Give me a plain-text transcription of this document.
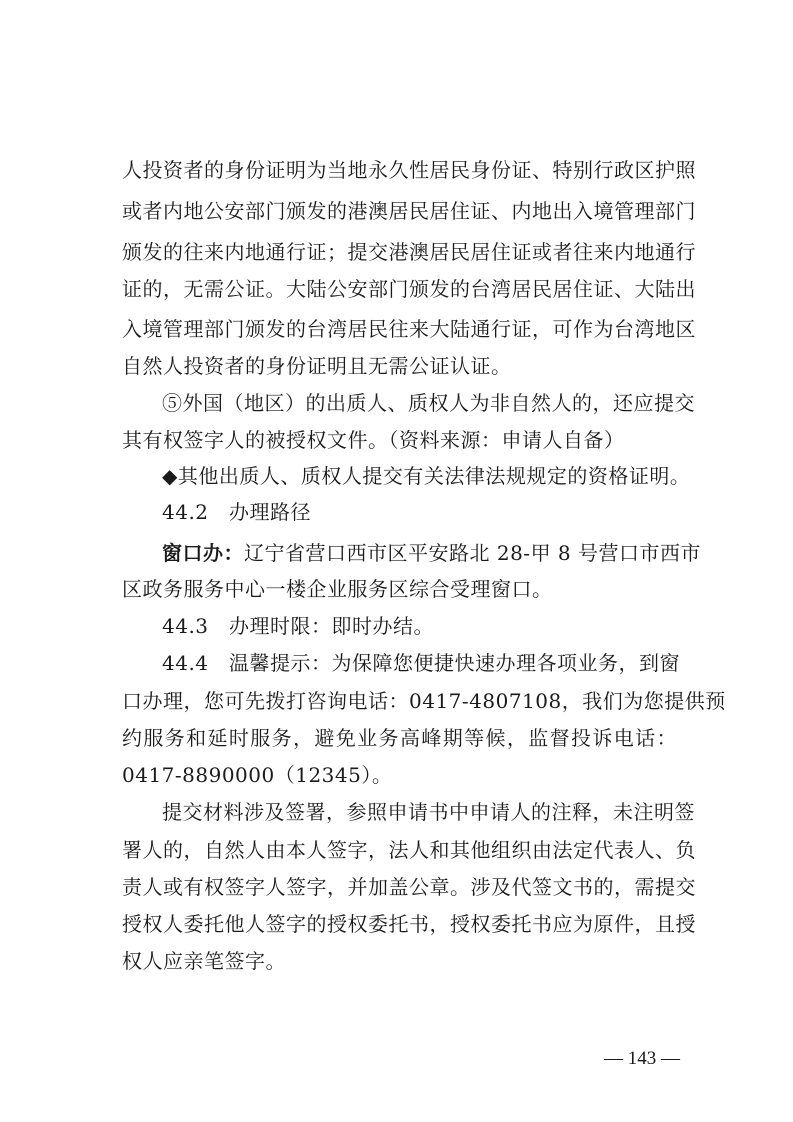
人投资者的身份证明为当地永久性居民身份证、特别行政区护照
或者内地公安部门颁发的港澳居民居住证、内地出入境管理部门
颁发的往来内地通行证；提交港澳居民居住证或者往来内地通行
证的，无需公证。大陆公安部门颁发的台湾居民居住证、大陆出
入境管理部门颁发的台湾居民往来大陆通行证，可作为台湾地区
自然人投资者的身份证明且无需公证认证。
⑤外国（地区）的出质人、质权人为非自然人的，还应提交
其有权签字人的被授权文件。（资料来源：申请人自备）
◆其他出质人、质权人提交有关法律法规规定的资格证明。
44.2　办理路径
窗口办：辽宁省营口西市区平安路北 28-甲 8 号营口市西市
区政务服务中心一楼企业服务区综合受理窗口。
44.3　办理时限：即时办结。
44.4　温馨提示：为保障您便捷快速办理各项业务，到窗
口办理，您可先拨打咨询电话：0417-4807108，我们为您提供预
约服务和延时服务，避免业务高峰期等候，监督投诉电话：
0417-8890000（12345）。
提交材料涉及签署，参照申请书中申请人的注释，未注明签
署人的，自然人由本人签字，法人和其他组织由法定代表人、负
责人或有权签字人签字，并加盖公章。涉及代签文书的，需提交
授权人委托他人签字的授权委托书，授权委托书应为原件，且授
权人应亲笔签字。
— 143 —
